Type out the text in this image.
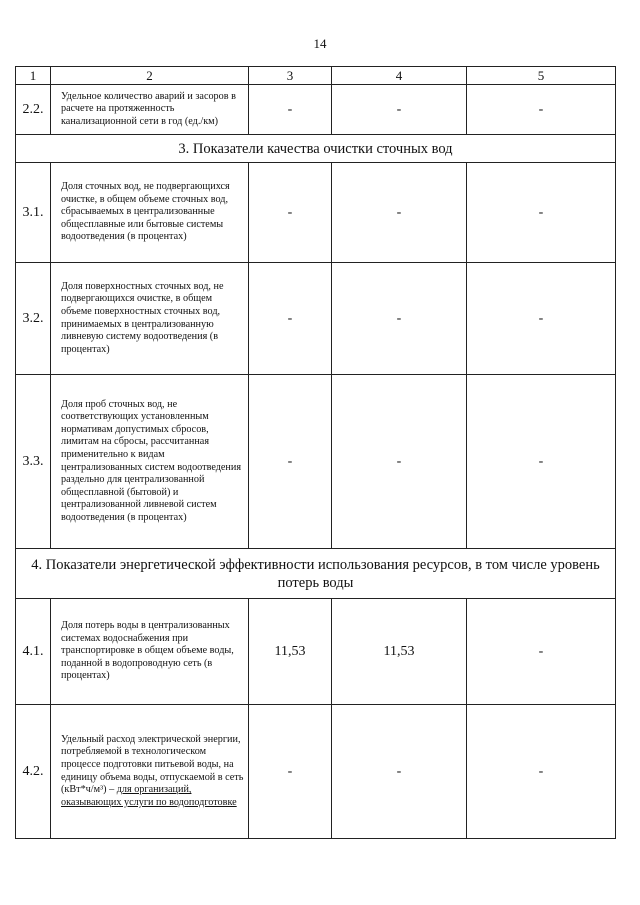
14
1	2	3	4	5
2.2.	Удельное количество аварий и засоров в расчете на протяженность канализационной сети в год (ед./км)	-	-	-
3. Показатели качества очистки сточных вод				
3.1.	Доля сточных вод, не подвергающихся очистке, в общем объеме сточных вод, сбрасываемых в централизованные общесплавные или бытовые системы водоотведения (в процентах)	-	-	-
3.2.	Доля поверхностных сточных вод, не подвергающихся очистке, в общем объеме поверхностных сточных вод, принимаемых в централизованную ливневую систему водоотведения (в процентах)	-	-	-
3.3.	Доля проб сточных вод, не соответствующих установленным нормативам допустимых сбросов, лимитам на сбросы, рассчитанная применительно к видам централизованных систем водоотведения раздельно для централизованной общесплавной (бытовой) и централизованной ливневой систем водоотведения (в процентах)	-	-	-
4. Показатели энергетической эффективности использования ресурсов, в том числе уровень потерь воды				
4.1.	Доля потерь воды в централизованных системах водоснабжения при транспортировке в общем объеме воды, поданной в водопроводную сеть (в процентах)	11,53	11,53	-
4.2.	Удельный расход электрической энергии, потребляемой в технологическом процессе подготовки питьевой воды, на единицу объема воды, отпускаемой в сеть (кВт*ч/м³) – для организаций, оказывающих услуги по водоподготовке	-	-	-
